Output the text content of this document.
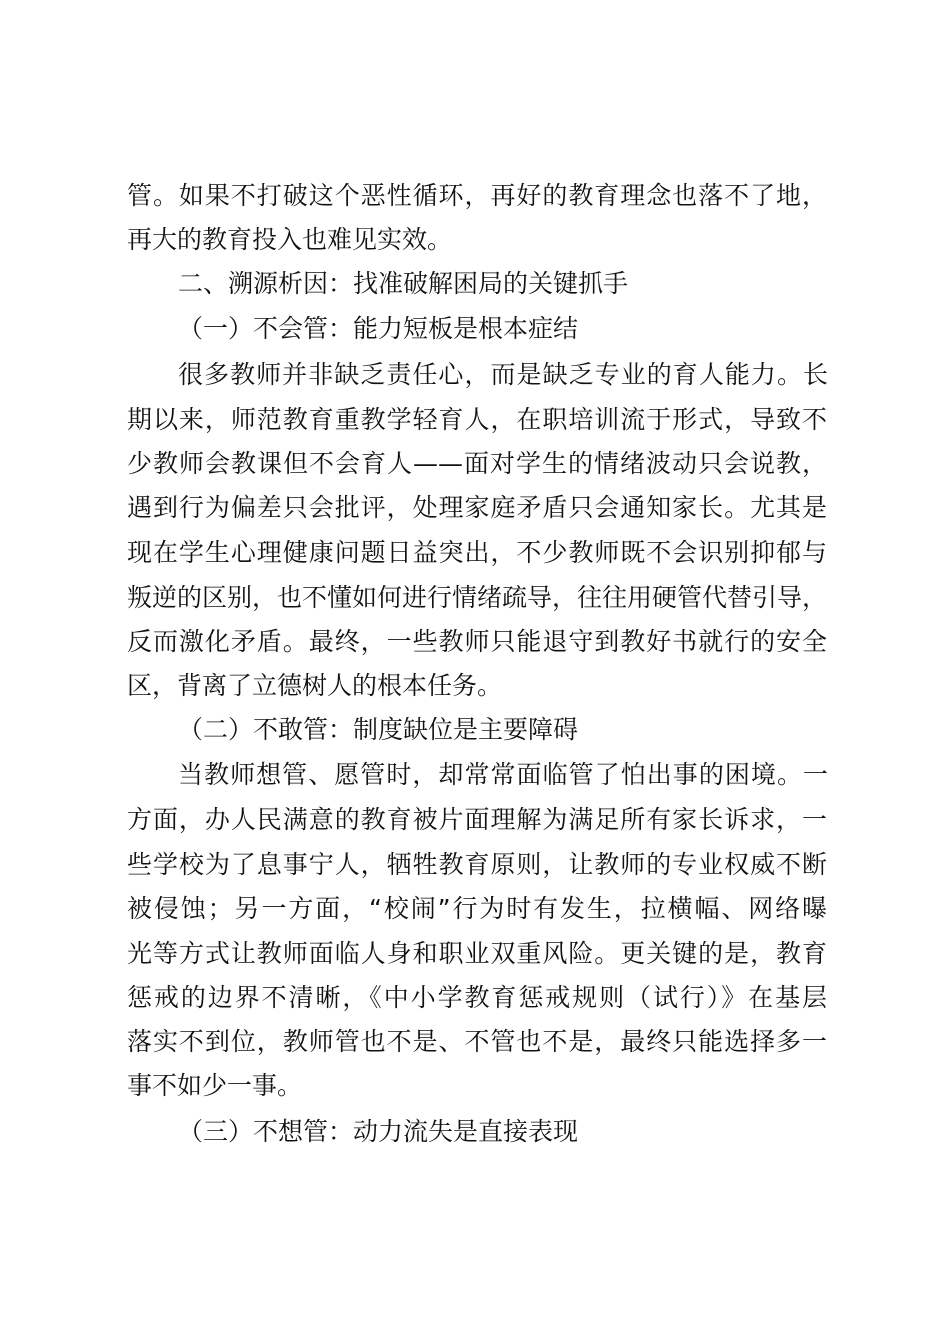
管。如果不打破这个恶性循环，再好的教育理念也落不了地，
再大的教育投入也难见实效。
二、溯源析因：找准破解困局的关键抓手
（一）不会管：能力短板是根本症结
很多教师并非缺乏责任心，而是缺乏专业的育人能力。长
期以来，师范教育重教学轻育人，在职培训流于形式，导致不
少教师会教课但不会育人——面对学生的情绪波动只会说教，
遇到行为偏差只会批评，处理家庭矛盾只会通知家长。尤其是
现在学生心理健康问题日益突出，不少教师既不会识别抑郁与
叛逆的区别，也不懂如何进行情绪疏导，往往用硬管代替引导，
反而激化矛盾。最终，一些教师只能退守到教好书就行的安全
区，背离了立德树人的根本任务。
（二）不敢管：制度缺位是主要障碍
当教师想管、愿管时，却常常面临管了怕出事的困境。一
方面，办人民满意的教育被片面理解为满足所有家长诉求，一
些学校为了息事宁人，牺牲教育原则，让教师的专业权威不断
被侵蚀；另一方面，“校闹”行为时有发生，拉横幅、网络曝
光等方式让教师面临人身和职业双重风险。更关键的是，教育
惩戒的边界不清晰，《中小学教育惩戒规则（试行）》在基层
落实不到位，教师管也不是、不管也不是，最终只能选择多一
事不如少一事。
（三）不想管：动力流失是直接表现
